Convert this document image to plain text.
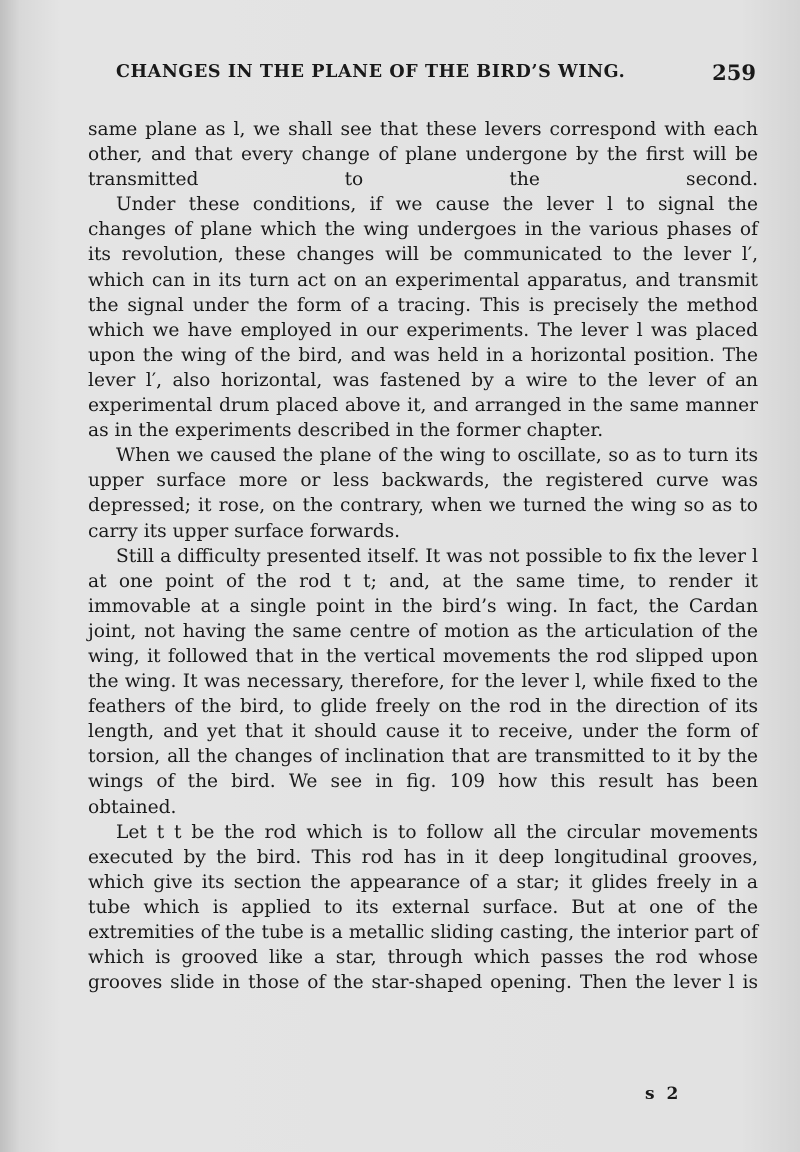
CHANGES IN THE PLANE OF THE BIRD’S WING.	259

same plane as l, we shall see that these levers correspond with each other, and that every change of plane undergone by the first will be transmitted to the second.

Under these conditions, if we cause the lever l to signal the changes of plane which the wing undergoes in the various phases of its revolution, these changes will be communicated to the lever l′, which can in its turn act on an experimental apparatus, and transmit the signal under the form of a tracing. This is precisely the method which we have employed in our experiments. The lever l was placed upon the wing of the bird, and was held in a horizontal position. The lever l′, also horizontal, was fastened by a wire to the lever of an experimental drum placed above it, and arranged in the same manner as in the experiments described in the former chapter.

When we caused the plane of the wing to oscillate, so as to turn its upper surface more or less backwards, the registered curve was depressed; it rose, on the contrary, when we turned the wing so as to carry its upper surface forwards.

Still a difficulty presented itself. It was not possible to fix the lever l at one point of the rod t t; and, at the same time, to render it immovable at a single point in the bird’s wing. In fact, the Cardan joint, not having the same centre of motion as the articulation of the wing, it followed that in the vertical movements the rod slipped upon the wing. It was necessary, therefore, for the lever l, while fixed to the feathers of the bird, to glide freely on the rod in the direction of its length, and yet that it should cause it to receive, under the form of torsion, all the changes of inclination that are transmitted to it by the wings of the bird. We see in fig. 109 how this result has been obtained.

Let t t be the rod which is to follow all the circular movements executed by the bird. This rod has in it deep longitudinal grooves, which give its section the appearance of a star; it glides freely in a tube which is applied to its external surface. But at one of the extremities of the tube is a metallic sliding casting, the interior part of which is grooved like a star, through which passes the rod whose grooves slide in those of the star-shaped opening. Then the lever l is

s 2
